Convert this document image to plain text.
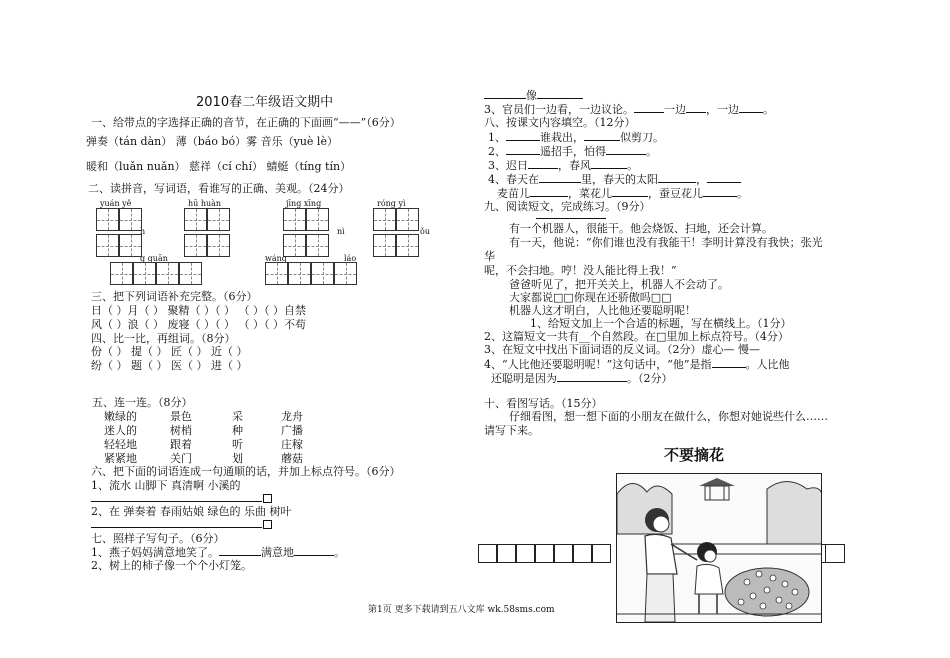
2010春二年级语文期中
一、给带点的字选择正确的音节，在正确的下面画“——”（6分）
弹奏（tán dàn） 薄（báo bó）雾 音乐（yuè lè）
暖和（luǎn nuǎn） 慈祥（cí chí） 蜻蜓（tíng tín）
二、读拼音，写词语，看谁写的正确、美观。（24分）
yuán yě	hū huàn	jīng xīng	róng yì
h	nì	ǒu
g guān	wáng	láo
三、把下列词语补充完整。（6分）
日（ ）月（ ） 聚精（ ）（ ） （ ）（ ）自禁
风（ ）浪（ ） 废寝（ ）（ ） （ ）（ ）不苟
四、比一比，再组词。（8分）
份（ ） 提（ ） 匠（ ） 近（ ）
纷（ ） 题（ ） 医（ ） 进（ ）
五、连一连。（8分）
嫩绿的	景色	采	龙舟
迷人的	树梢	种	广播
轻轻地	跟着	听	庄稼
紧紧地	关门	划	蘑菇
六、把下面的词语连成一句通顺的话，并加上标点符号。（6分）
1、流水 山脚下 真清啊 小溪的
2、在 弹奏着 春雨姑娘 绿色的 乐曲 树叶
七、照样子写句子。（6分）
1、燕子妈妈满意地笑了。	满意地	。
2、树上的柿子像一个个小灯笼。
像
3、官员们一边看，一边议论。	一边 ，一边 。
八、按课文内容填空。（12分）
1、	谁栽出，	似剪刀。
2、	遥招手，怕得	。
3、迟日	，春风	。
4、春天在	里，春天的太阳	，
麦苗儿	，菜花儿	，蚕豆花儿	。
九、阅读短文，完成练习。（9分）
有一个机器人，很能干。他会烧饭、扫地，还会计算。
有一天，他说：“你们谁也没有我能干！李明计算没有我快；张光
华
呢，不会扫地。哼！没人能比得上我！”
爸爸听见了，把开关关上，机器人不会动了。
大家都说□□你现在还骄傲吗□□
机器人这才明白，人比他还要聪明呢！
1、给短文加上一个合适的标题，写在横线上。（1分）
2、这篇短文一共有__个自然段。在□里加上标点符号。（4分）
3、在短文中找出下面词语的反义词。（2分）虚心— 慢—
4、“人比他还要聪明呢！”这句话中，“他”是指	。人比他
还聪明是因为	。（2分）
十、看图写话。（15分）
仔细看图，想一想下面的小朋友在做什么，你想对她说些什么……
请写下来。
不要摘花
第1页 更多下载请到五八文库 wk.58sms.com
